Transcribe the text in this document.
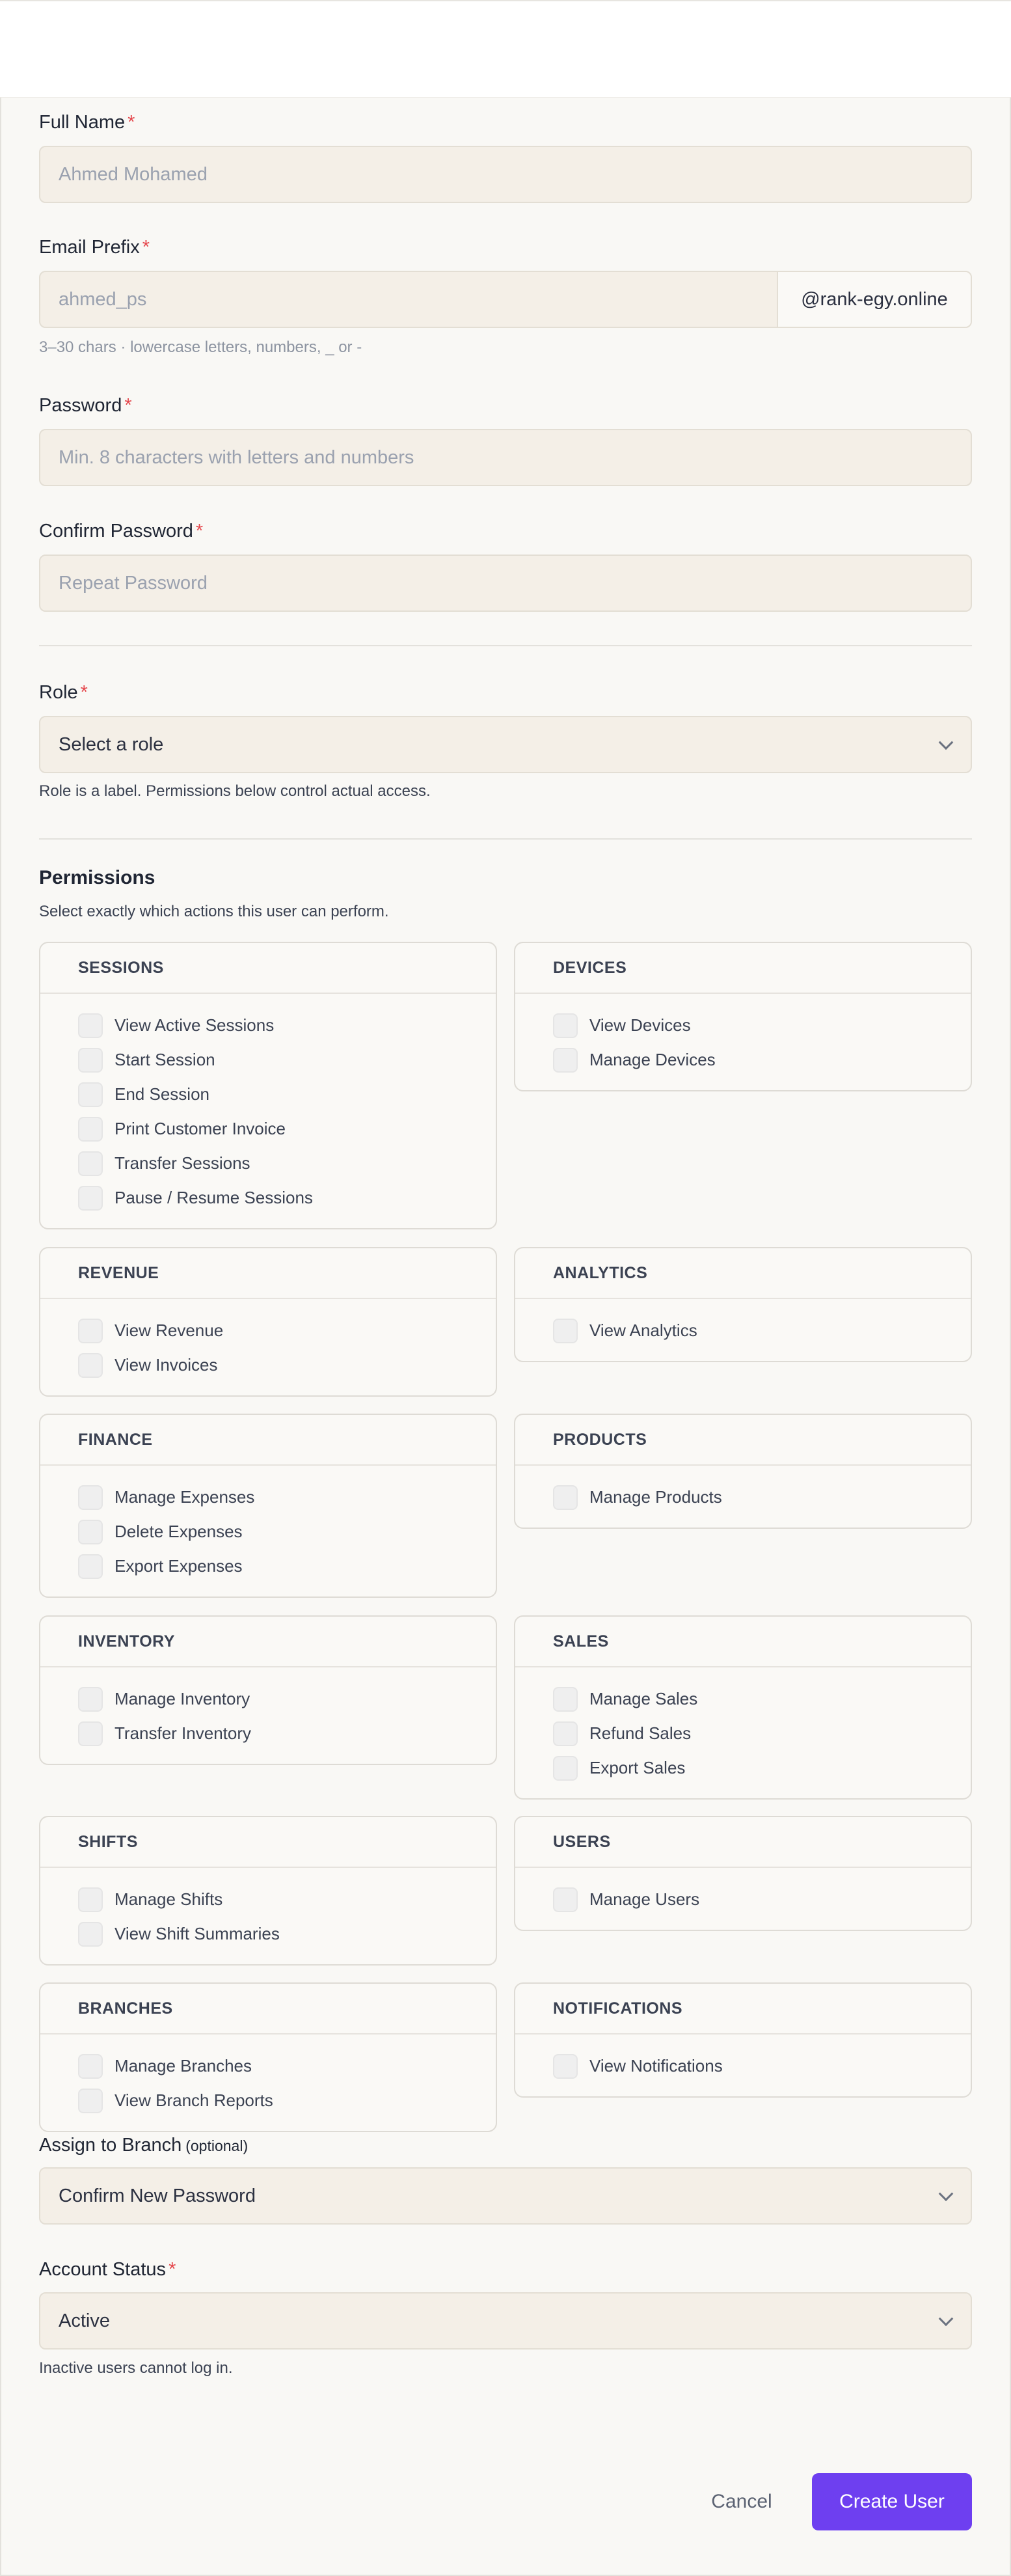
Full Name *
Ahmed Mohamed
Email Prefix *
ahmed_ps	@rank-egy.online
3–30 chars · lowercase letters, numbers, _ or -
Password *
Min. 8 characters with letters and numbers
Confirm Password *
Repeat Password
Role *
Select a role
Role is a label. Permissions below control actual access.
Permissions
Select exactly which actions this user can perform.
SESSIONS
View Active Sessions
Start Session
End Session
Print Customer Invoice
Transfer Sessions
Pause / Resume Sessions
DEVICES
View Devices
Manage Devices
REVENUE
View Revenue
View Invoices
ANALYTICS
View Analytics
FINANCE
Manage Expenses
Delete Expenses
Export Expenses
PRODUCTS
Manage Products
INVENTORY
Manage Inventory
Transfer Inventory
SALES
Manage Sales
Refund Sales
Export Sales
SHIFTS
Manage Shifts
View Shift Summaries
USERS
Manage Users
BRANCHES
Manage Branches
View Branch Reports
NOTIFICATIONS
View Notifications
Assign to Branch (optional)
Confirm New Password
Account Status *
Active
Inactive users cannot log in.
Cancel	Create User
